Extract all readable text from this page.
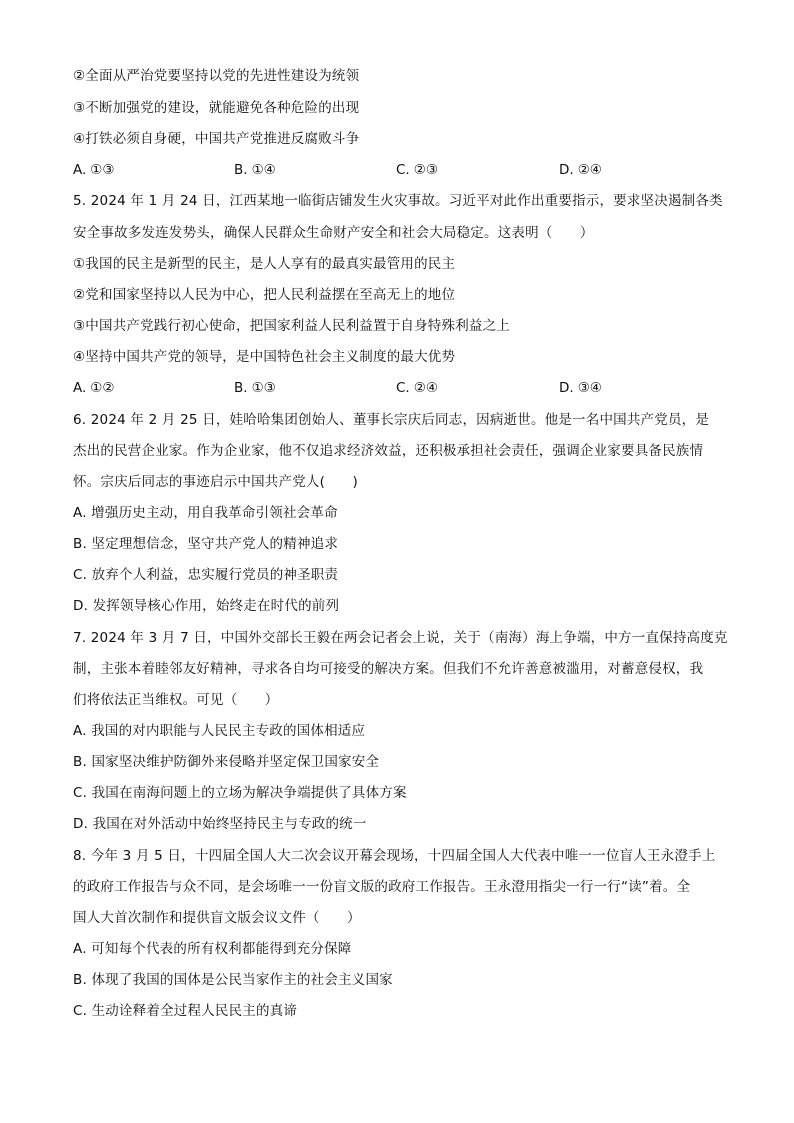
②全面从严治党要坚持以党的先进性建设为统领
③不断加强党的建设，就能避免各种危险的出现
④打铁必须自身硬，中国共产党推进反腐败斗争
A. ①③	B. ①④	C. ②③	D. ②④
5. 2024 年 1 月 24 日，江西某地一临街店铺发生火灾事故。习近平对此作出重要指示，要求坚决遏制各类
安全事故多发连发势头，确保人民群众生命财产安全和社会大局稳定。这表明（　　）
①我国的民主是新型的民主，是人人享有的最真实最管用的民主
②党和国家坚持以人民为中心，把人民利益摆在至高无上的地位
③中国共产党践行初心使命，把国家利益人民利益置于自身特殊利益之上
④坚持中国共产党的领导，是中国特色社会主义制度的最大优势
A. ①②	B. ①③	C. ②④	D. ③④
6. 2024 年 2 月 25 日，娃哈哈集团创始人、董事长宗庆后同志，因病逝世。他是一名中国共产党员，是
杰出的民营企业家。作为企业家，他不仅追求经济效益，还积极承担社会责任，强调企业家要具备民族情
怀。宗庆后同志的事迹启示中国共产党人(　　)
A. 增强历史主动，用自我革命引领社会革命
B. 坚定理想信念，坚守共产党人的精神追求
C. 放弃个人利益，忠实履行党员的神圣职责
D. 发挥领导核心作用，始终走在时代的前列
7. 2024 年 3 月 7 日，中国外交部长王毅在两会记者会上说，关于（南海）海上争端，中方一直保持高度克
制，主张本着睦邻友好精神，寻求各自均可接受的解决方案。但我们不允许善意被滥用，对蓄意侵权，我
们将依法正当维权。可见（　　）
A. 我国的对内职能与人民民主专政的国体相适应
B. 国家坚决维护防御外来侵略并坚定保卫国家安全
C. 我国在南海问题上的立场为解决争端提供了具体方案
D. 我国在对外活动中始终坚持民主与专政的统一
8. 今年 3 月 5 日，十四届全国人大二次会议开幕会现场，十四届全国人大代表中唯一一位盲人王永澄手上
的政府工作报告与众不同，是会场唯一一份盲文版的政府工作报告。王永澄用指尖一行一行“读”着。全
国人大首次制作和提供盲文版会议文件（　　）
A. 可知每个代表的所有权利都能得到充分保障
B. 体现了我国的国体是公民当家作主的社会主义国家
C. 生动诠释着全过程人民民主的真谛
